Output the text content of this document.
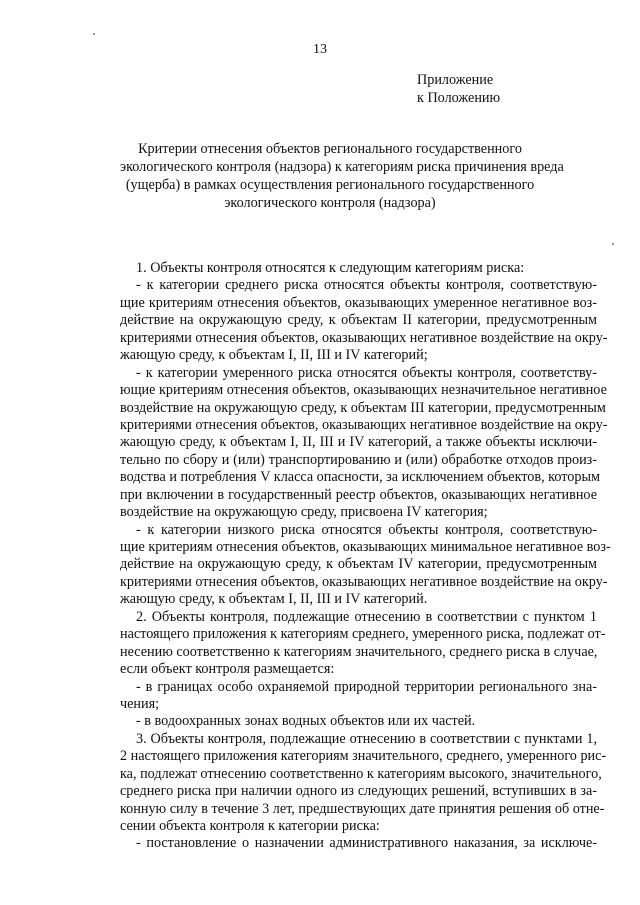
13
Приложение
к Положению
Критерии отнесения объектов регионального государственного
экологического контроля (надзора) к категориям риска причинения вреда
(ущерба) в рамках осуществления регионального государственного
экологического контроля (надзора)
1. Объекты контроля относятся к следующим категориям риска:
- к категории среднего риска относятся объекты контроля, соответствую-
щие критериям отнесения объектов, оказывающих умеренное негативное воз-
действие на окружающую среду, к объектам II категории, предусмотренным
критериями отнесения объектов, оказывающих негативное воздействие на окру-
жающую среду, к объектам I, II, III и IV категорий;
- к категории умеренного риска относятся объекты контроля, соответству-
ющие критериям отнесения объектов, оказывающих незначительное негативное
воздействие на окружающую среду, к объектам III категории, предусмотренным
критериями отнесения объектов, оказывающих негативное воздействие на окру-
жающую среду, к объектам I, II, III и IV категорий, а также объекты исключи-
тельно по сбору и (или) транспортированию и (или) обработке отходов произ-
водства и потребления V класса опасности, за исключением объектов, которым
при включении в государственный реестр объектов, оказывающих негативное
воздействие на окружающую среду, присвоена IV категория;
- к категории низкого риска относятся объекты контроля, соответствую-
щие критериям отнесения объектов, оказывающих минимальное негативное воз-
действие на окружающую среду, к объектам IV категории, предусмотренным
критериями отнесения объектов, оказывающих негативное воздействие на окру-
жающую среду, к объектам I, II, III и IV категорий.
2. Объекты контроля, подлежащие отнесению в соответствии с пунктом 1
настоящего приложения к категориям среднего, умеренного риска, подлежат от-
несению соответственно к категориям значительного, среднего риска в случае,
если объект контроля размещается:
- в границах особо охраняемой природной территории регионального зна-
чения;
- в водоохранных зонах водных объектов или их частей.
3. Объекты контроля, подлежащие отнесению в соответствии с пунктами 1,
2 настоящего приложения категориям значительного, среднего, умеренного рис-
ка, подлежат отнесению соответственно к категориям высокого, значительного,
среднего риска при наличии одного из следующих решений, вступивших в за-
конную силу в течение 3 лет, предшествующих дате принятия решения об отне-
сении объекта контроля к категории риска:
- постановление о назначении административного наказания, за исключе-
